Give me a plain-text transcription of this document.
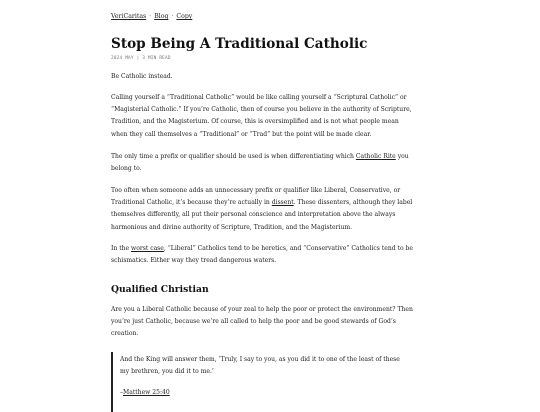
VeriCaritas · Blog · Copy
Stop Being A Traditional Catholic
2024 MAY | 3 MIN READ

Be Catholic instead.

Calling yourself a “Traditional Catholic” would be like calling yourself a “Scriptural Catholic” or

“Magisterial Catholic.” If you’re Catholic, then of course you believe in the authority of Scripture,

Tradition, and the Magisterium. Of course, this is oversimplified and is not what people mean

when they call themselves a “Traditional” or “Trad” but the point will be made clear.

The only time a prefix or qualifier should be used is when differentiating which Catholic Rite you

belong to.

Too often when someone adds an unnecessary prefix or qualifier like Liberal, Conservative, or

Traditional Catholic, it’s because they’re actually in dissent. These dissenters, although they label

themselves differently, all put their personal conscience and interpretation above the always

harmonious and divine authority of Scripture, Tradition, and the Magisterium.

In the worst case, “Liberal” Catholics tend to be heretics, and “Conservative” Catholics tend to be

schismatics. Either way they tread dangerous waters.

Qualified Christian

Are you a Liberal Catholic because of your zeal to help the poor or protect the environment? Then

you’re just Catholic, because we’re all called to help the poor and be good stewards of God’s

creation.

And the King will answer them, ‘Truly, I say to you, as you did it to one of the least of these

my brethren, you did it to me.’

–Matthew 25:40
